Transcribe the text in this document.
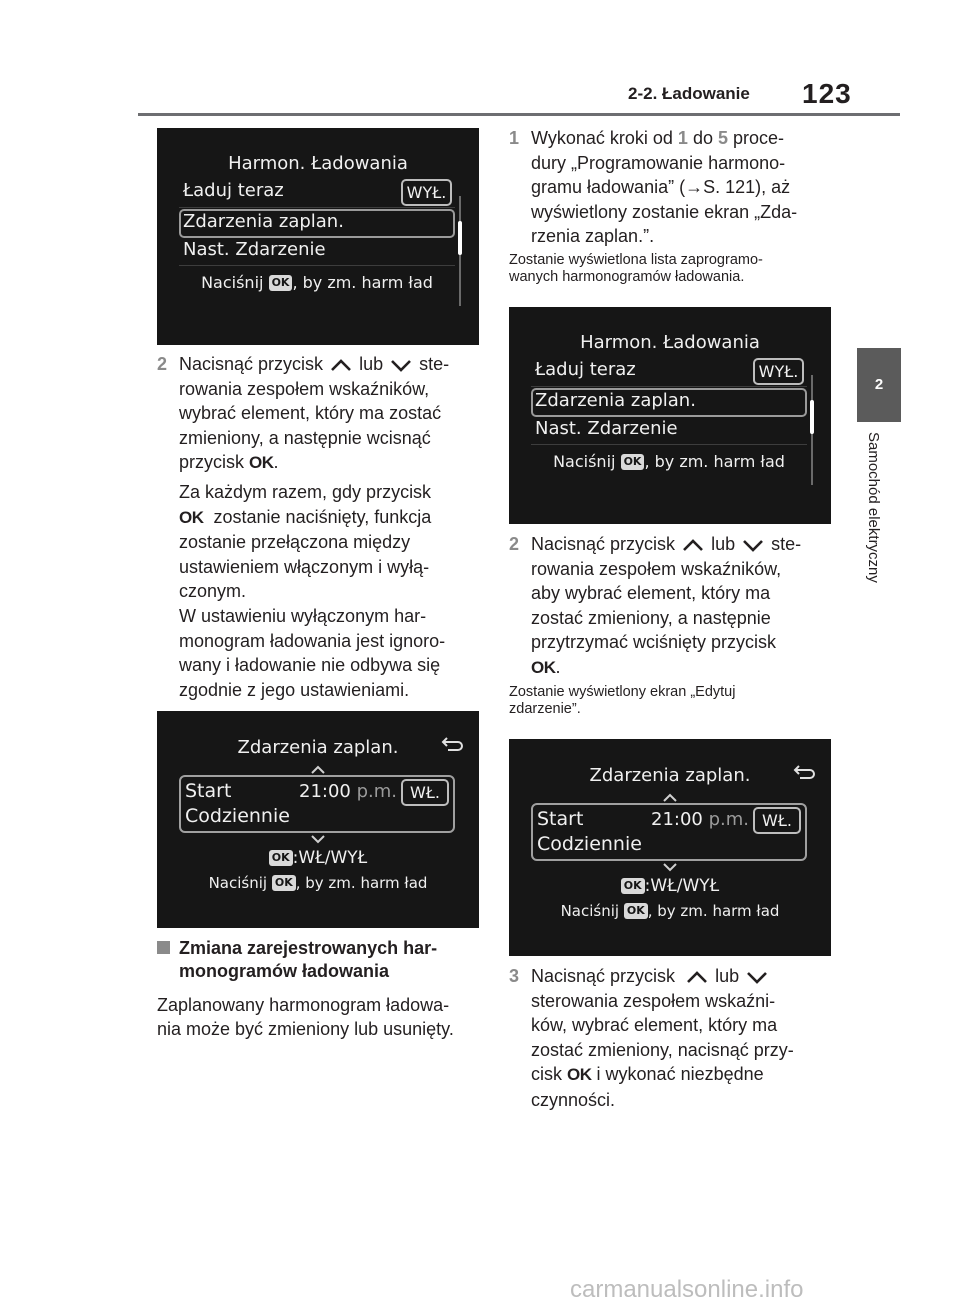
2-2. Ładowanie 123
2
Samochód elektryczny
Harmon. Ładowania
Ładuj teraz	WYŁ.
Zdarzenia zaplan.
Nast. Zdarzenie
Naciśnij OK , by zm. harm ład
2 Nacisnąć przycisk lub ste-
rowania zespołem wskaźników,
wybrać element, który ma zostać
zmieniony, a następnie wcisnąć
przycisk OK.
Za każdym razem, gdy przycisk
OK zostanie naciśnięty, funkcja
zostanie przełączona między
ustawieniem włączonym i wyłą-
czonym.
W ustawieniu wyłączonym har-
monogram ładowania jest ignoro-
wany i ładowanie nie odbywa się
zgodnie z jego ustawieniami.
Zdarzenia zaplan.
Start	21:00 p.m. WŁ.
Codziennie
OK :WŁ/WYŁ
Naciśnij OK , by zm. harm ład
Zmiana zarejestrowanych har-
monogramów ładowania
Zaplanowany harmonogram ładowa-
nia może być zmieniony lub usunięty.
1 Wykonać kroki od 1 do 5 proce-
dury „Programowanie harmono-
gramu ładowania” (→S. 121), aż
wyświetlony zostanie ekran „Zda-
rzenia zaplan.”.
Zostanie wyświetlona lista zaprogramo-
wanych harmonogramów ładowania.
Harmon. Ładowania
Ładuj teraz	WYŁ.
Zdarzenia zaplan.
Nast. Zdarzenie
Naciśnij OK , by zm. harm ład
2 Nacisnąć przycisk lub ste-
rowania zespołem wskaźników,
aby wybrać element, który ma
zostać zmieniony, a następnie
przytrzymać wciśnięty przycisk
OK.
Zostanie wyświetlony ekran „Edytuj
zdarzenie”.
Zdarzenia zaplan.
Start	21:00 p.m. WŁ.
Codziennie
OK :WŁ/WYŁ
Naciśnij OK , by zm. harm ład
3 Nacisnąć przycisk lub
sterowania zespołem wskaźni-
ków, wybrać element, który ma
zostać zmieniony, nacisnąć przy-
cisk OK i wykonać niezbędne
czynności.
carmanualsonline.info
